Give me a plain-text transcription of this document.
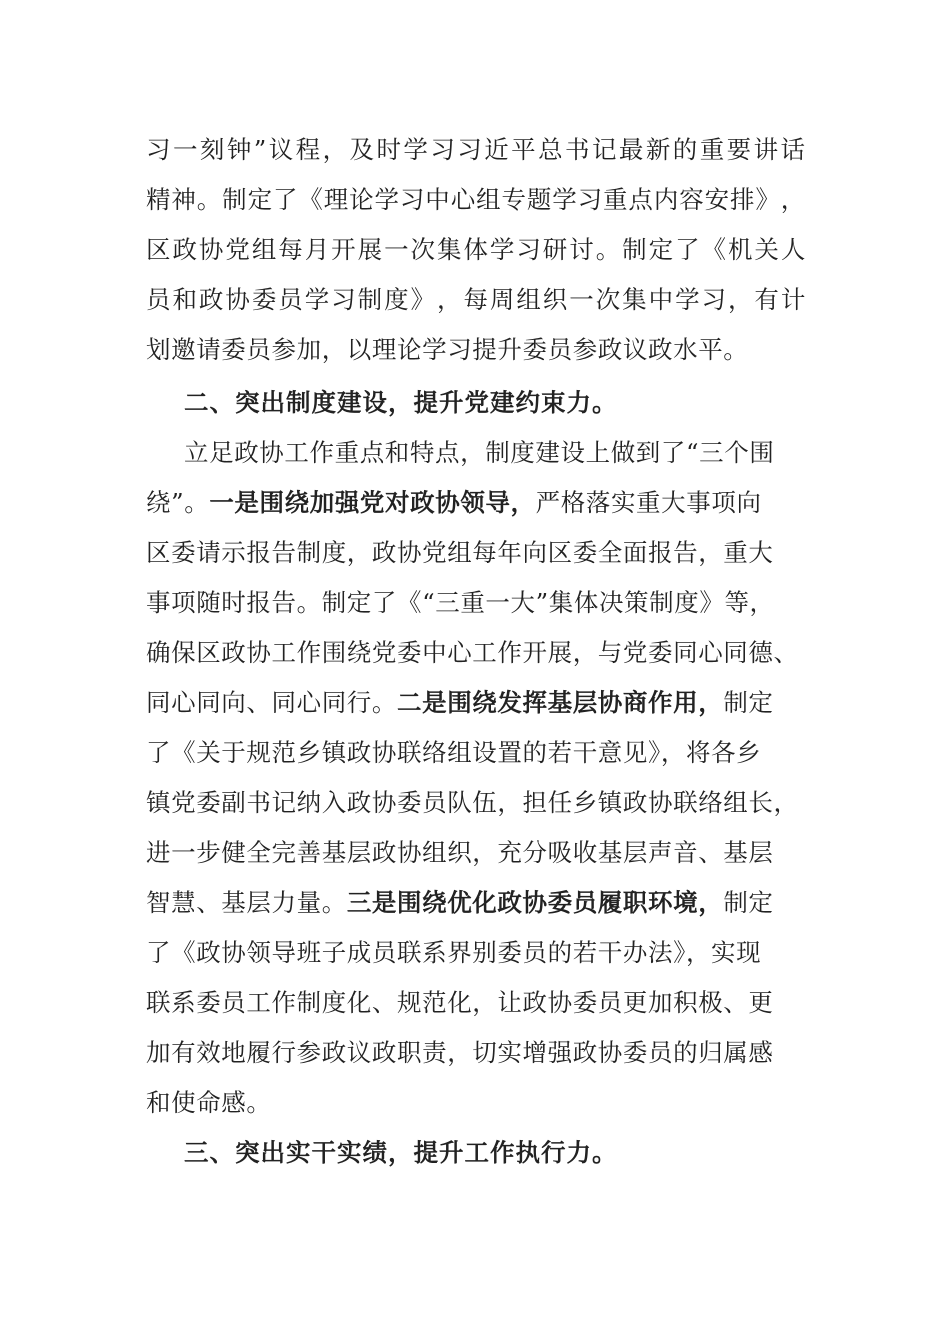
习 一 刻 钟 ” 议 程 ， 及 时 学 习 习 近 平 总 书 记 最 新 的 重 要 讲 话
精 神 。 制 定 了 《 理 论 学 习 中 心 组 专 题 学 习 重 点 内 容 安 排 》 ，
区 政 协 党 组 每 月 开 展 一 次 集 体 学 习 研 讨 。 制 定 了 《 机 关 人
员 和 政 协 委 员 学 习 制 度 》 ， 每 周 组 织 一 次 集 中 学 习 ， 有 计
划邀请委员参加，以理论学习提升委员参政议政水平。
二、突出制度建设，提升党建约束力。
立足政协工作重点和特点，制度建设上做到了“三个围
绕”。一是围绕加强党对政协领导，严格落实重大事项向
区委请示报告制度，政协党组每年向区委全面报告，重大
事项随时报告。制定了《“三重一大”集体决策制度》等，
确保区政协工作围绕党委中心工作开展，与党委同心同德、
同心同向、同心同行。二是围绕发挥基层协商作用，制定
了《关于规范乡镇政协联络组设置的若干意见》，将各乡
镇党委副书记纳入政协委员队伍，担任乡镇政协联络组长，
进一步健全完善基层政协组织，充分吸收基层声音、基层
智慧、基层力量。三是围绕优化政协委员履职环境，制定
了《政协领导班子成员联系界别委员的若干办法》，实现
联系委员工作制度化、规范化，让政协委员更加积极、更
加有效地履行参政议政职责，切实增强政协委员的归属感
和使命感。
三、突出实干实绩，提升工作执行力。
